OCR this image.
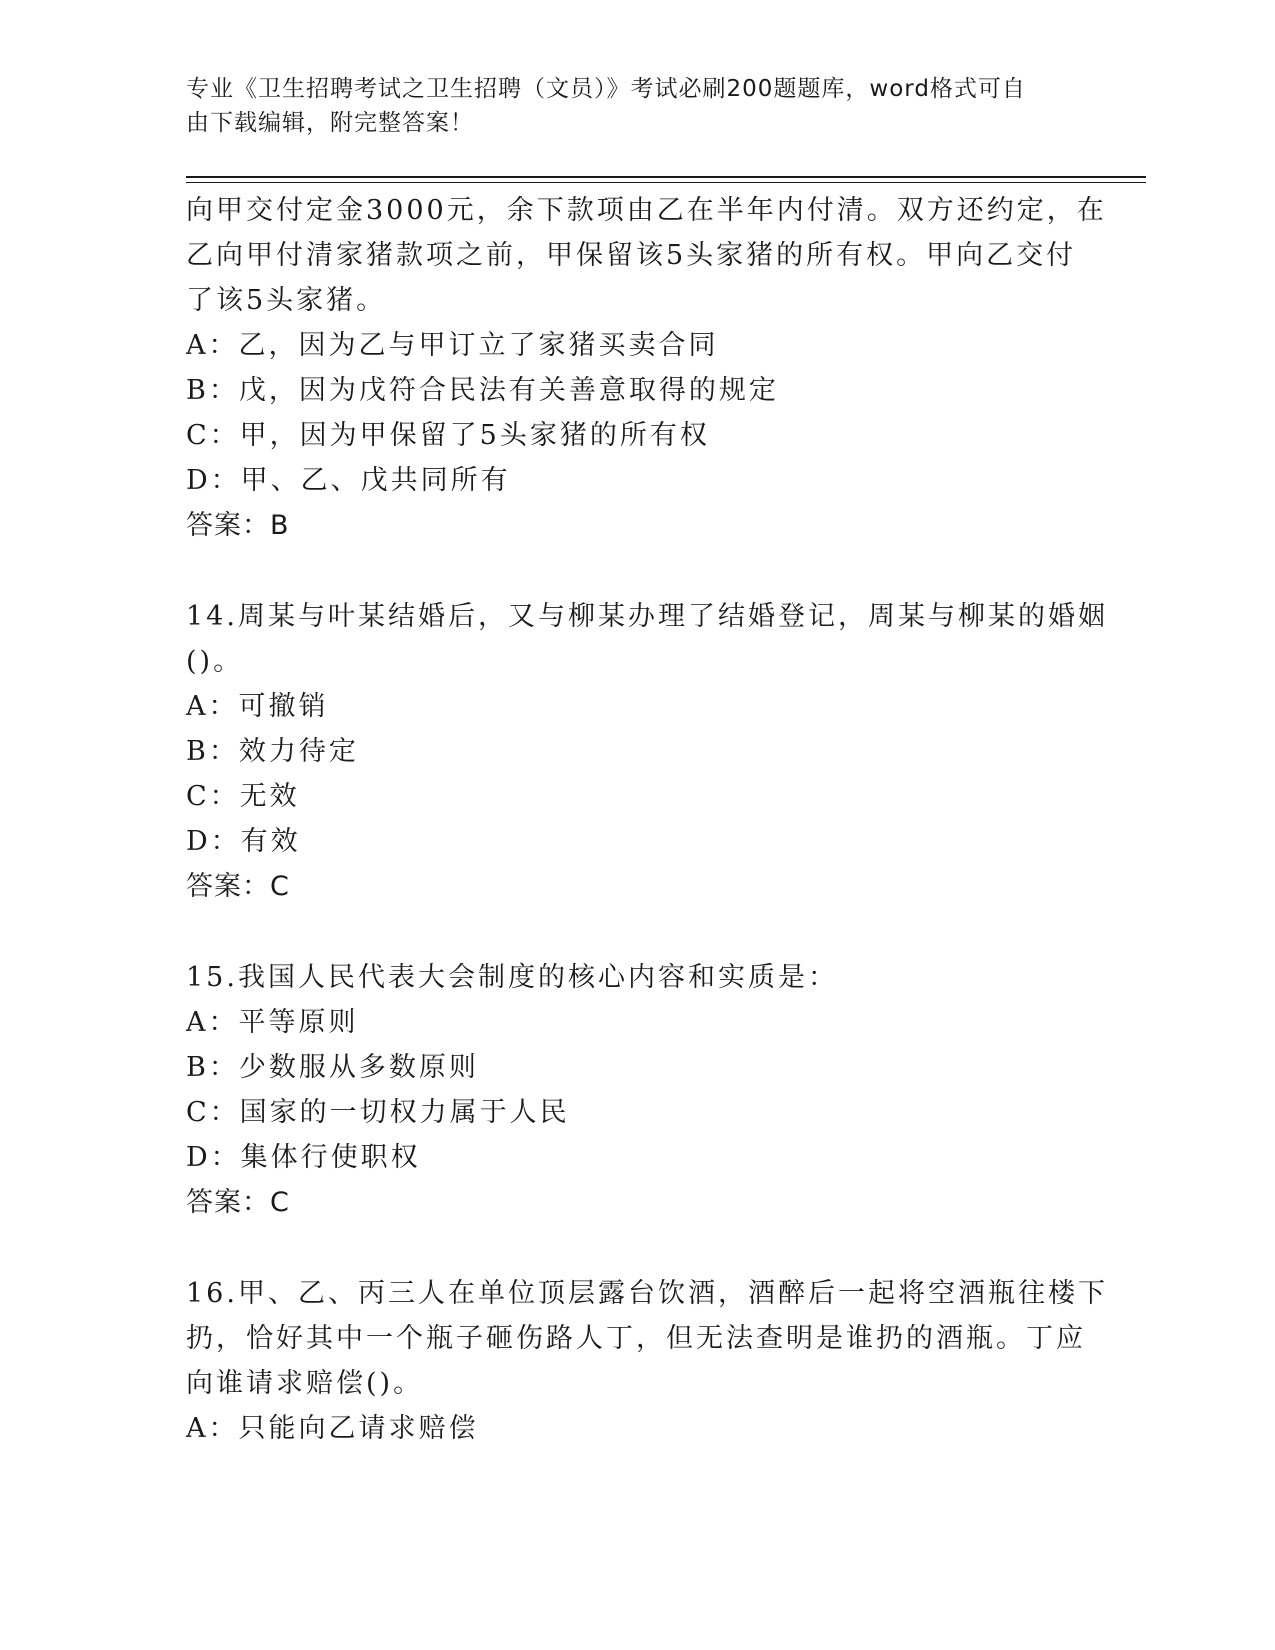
专业《卫生招聘考试之卫生招聘（文员）》考试必刷200题题库，word格式可自
由下载编辑，附完整答案！
向甲交付定金3000元，余下款项由乙在半年内付清。双方还约定，在
乙向甲付清家猪款项之前，甲保留该5头家猪的所有权。甲向乙交付
了该5头家猪。
A：乙，因为乙与甲订立了家猪买卖合同
B：戊，因为戊符合民法有关善意取得的规定
C：甲，因为甲保留了5头家猪的所有权
D：甲、乙、戊共同所有
答案：B
14.周某与叶某结婚后，又与柳某办理了结婚登记，周某与柳某的婚姻
()。
A：可撤销
B：效力待定
C：无效
D：有效
答案：C
15.我国人民代表大会制度的核心内容和实质是：
A：平等原则
B：少数服从多数原则
C：国家的一切权力属于人民
D：集体行使职权
答案：C
16.甲、乙、丙三人在单位顶层露台饮酒，酒醉后一起将空酒瓶往楼下
扔，恰好其中一个瓶子砸伤路人丁，但无法查明是谁扔的酒瓶。丁应
向谁请求赔偿()。
A：只能向乙请求赔偿
